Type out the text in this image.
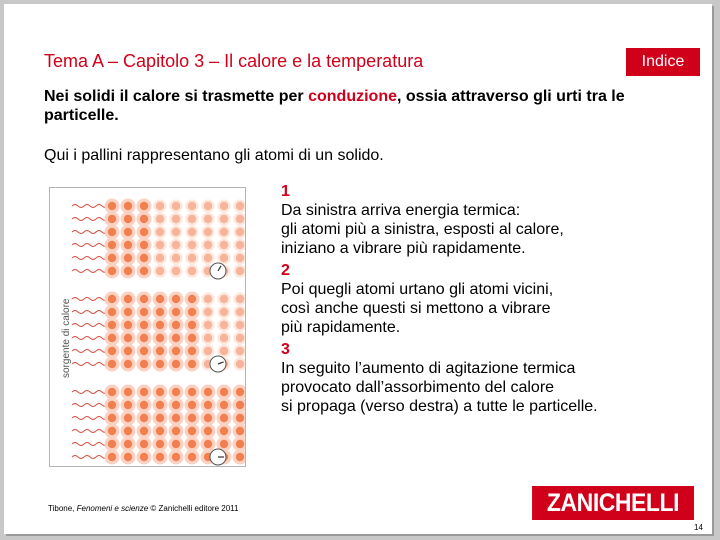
Tema A – Capitolo 3 – Il calore e la temperatura	Indice
Nei solidi il calore si trasmette per conduzione, ossia attraverso gli urti tra le particelle.
Qui i pallini rappresentano gli atomi di un solido.
sorgente di calore
1
Da sinistra arriva energia termica:
gli atomi più a sinistra, esposti al calore,
iniziano a vibrare più rapidamente.
2
Poi quegli atomi urtano gli atomi vicini,
così anche questi si mettono a vibrare
più rapidamente.
3
In seguito l’aumento di agitazione termica
provocato dall’assorbimento del calore
si propaga (verso destra) a tutte le particelle.
Tibone, Fenomeni e scienze © Zanichelli editore 2011	ZANICHELLI
14
